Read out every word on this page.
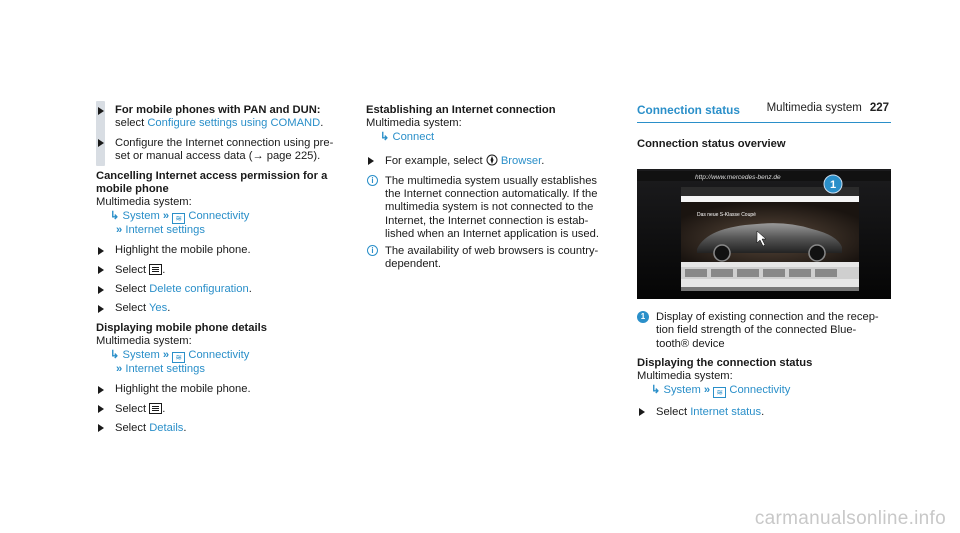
Multimedia system 227
For mobile phones with PAN and DUN:
select Configure settings using COMAND.
Configure the Internet connection using pre- set or manual access data (→ page 225).
Cancelling Internet access permission for a mobile phone
Multimedia system:
↳ System » ≋ Connectivity
» Internet settings
Highlight the mobile phone.
Select .
Select Delete configuration.
Select Yes.
Displaying mobile phone details
Multimedia system:
↳ System » ≋ Connectivity
» Internet settings
Highlight the mobile phone.
Select .
Select Details.
Establishing an Internet connection
Multimedia system:
↳ Connect
For example, select  Browser.
i	The multimedia system usually establishes the Internet connection automatically. If the multimedia system is not connected to the Internet, the Internet connection is estab- lished when an Internet application is used.
i	The availability of web browsers is country- dependent.
Connection status
Connection status overview
1
http://www.mercedes-benz.de
Das neue S-Klasse Coupé
1 Display of existing connection and the recep- tion field strength of the connected Blue- tooth® device
Displaying the connection status
Multimedia system:
↳ System » ≋ Connectivity
Select Internet status.
carmanualsonline.info
